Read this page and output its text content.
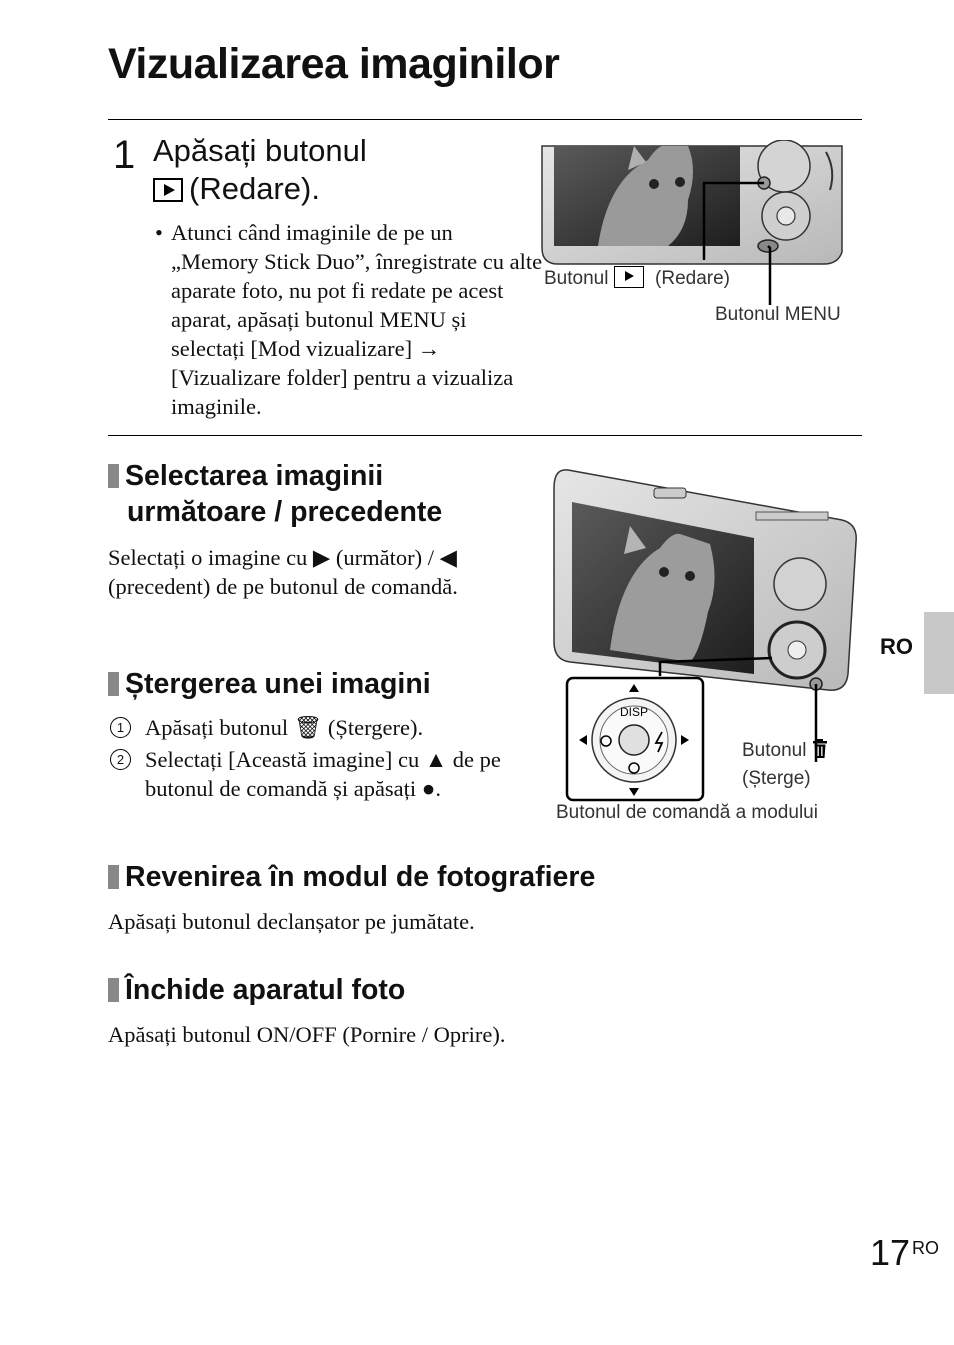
Vizualizarea imaginilor
1 Apăsați butonul
(Redare).
• Atunci când imaginile de pe un „Memory Stick Duo”, înregistrate cu alte aparate foto, nu pot fi redate pe acest aparat, apăsați butonul MENU și selectați [Mod vizualizare] → [Vizualizare folder] pentru a vizualiza imaginile.
Butonul (Redare)
Butonul MENU
Selectarea imaginii
următoare / precedente
Selectați o imagine cu ▶ (următor) / ◀ (precedent) de pe butonul de comandă.
Ștergerea unei imagini
1 Apăsați butonul 🗑 (Ștergere).
2 Selectați [Această imagine] cu ▲ de pe butonul de comandă și apăsați ●.
DISP
Butonul
(Șterge)
Butonul de comandă a modului
RO
Revenirea în modul de fotografiere
Apăsați butonul declanșator pe jumătate.
Închide aparatul foto
Apăsați butonul ON/OFF (Pornire / Oprire).
17 $^{RO}$
